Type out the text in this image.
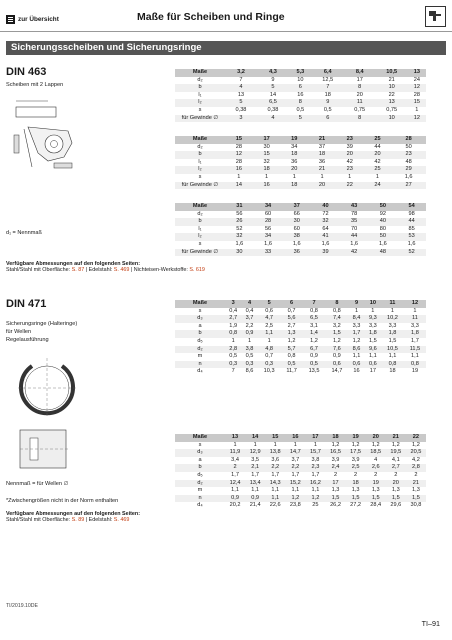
zur Übersicht	Maße für Scheiben und Ringe
Sicherungsscheiben und Sicherungsringe
DIN 463
Scheiben mit 2 Lappen
d₁ = Nennmaß
Maße	3,2	4,3	5,3	6,4	8,4	10,5	13
d₂	7	9	10	12,5	17	21	24
b	4	5	6	7	8	10	12
l₁	13	14	16	18	20	22	28
l₂	5	6,5	8	9	11	13	15
s	0,38	0,38	0,5	0,5	0,75	0,75	1
für Gewinde ∅	3	4	5	6	8	10	12
Maße	15	17	19	21	23	25	28
d₂	28	30	34	37	39	44	50
b	12	15	18	18	20	20	23
l₁	28	32	36	36	42	42	48
l₂	16	18	20	21	23	25	29
s	1	1	1	1	1	1	1,6
für Gewinde ∅	14	16	18	20	22	24	27
Maße	31	34	37	40	43	50	54
d₂	56	60	66	72	78	92	98
b	26	28	30	32	35	40	44
l₁	52	56	60	64	70	80	85
l₂	32	34	38	41	44	50	53
s	1,6	1,6	1,6	1,6	1,6	1,6	1,6
für Gewinde ∅	30	33	36	39	42	48	52
Verfügbare Abmessungen auf den folgenden Seiten:
Stahl/Stahl mit Oberfläche: S. 87 | Edelstahl: S. 469 | Nichteisen-Werkstoffe: S. 619
DIN 471
Sicherungsringe (Halteringe)
für Wellen
Regelausführung
Nennmaß = für Wellen ∅
*Zwischengrößen nicht in der Norm enthalten
Maße	3	4	5	6	7	8	9	10	11	12
s	0,4	0,4	0,6	0,7	0,8	0,8	1	1	1	1
d₃	2,7	3,7	4,7	5,6	6,5	7,4	8,4	9,3	10,2	11
a	1,9	2,2	2,5	2,7	3,1	3,2	3,3	3,3	3,3	3,3
b	0,8	0,9	1,1	1,3	1,4	1,5	1,7	1,8	1,8	1,8
d₅	1	1	1	1,2	1,2	1,2	1,2	1,5	1,5	1,7
d₂	2,8	3,8	4,8	5,7	6,7	7,6	8,6	9,6	10,5	11,5
m	0,5	0,5	0,7	0,8	0,9	0,9	1,1	1,1	1,1	1,1
n	0,3	0,3	0,3	0,5	0,5	0,6	0,6	0,6	0,8	0,8
d₄	7	8,6	10,3	11,7	13,5	14,7	16	17	18	19
Maße	13	14	15	16	17	18	19	20	21	22
s	1	1	1	1	1	1,2	1,2	1,2	1,2	1,2
d₃	11,9	12,9	13,8	14,7	15,7	16,5	17,5	18,5	19,5	20,5
a	3,4	3,5	3,6	3,7	3,8	3,9	3,9	4	4,1	4,2
b	2	2,1	2,2	2,2	2,3	2,4	2,5	2,6	2,7	2,8
d₅	1,7	1,7	1,7	1,7	1,7	2	2	2	2	2
d₂	12,4	13,4	14,3	15,2	16,2	17	18	19	20	21
m	1,1	1,1	1,1	1,1	1,1	1,3	1,3	1,3	1,3	1,3
n	0,9	0,9	1,1	1,2	1,2	1,5	1,5	1,5	1,5	1,5
d₄	20,2	21,4	22,6	23,8	25	26,2	27,2	28,4	29,6	30,8
Verfügbare Abmessungen auf den folgenden Seiten:
Stahl/Stahl mit Oberfläche: S. 89 | Edelstahl: S. 469
TI/2019.10DE
TI–91
